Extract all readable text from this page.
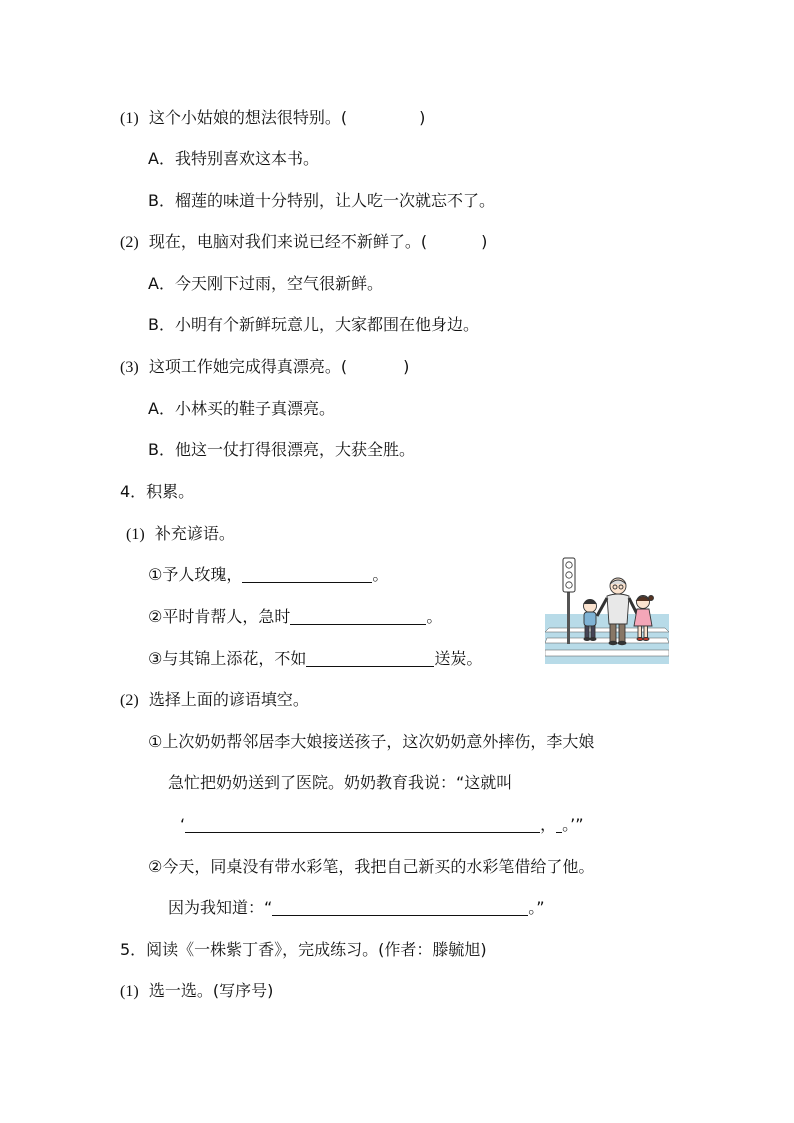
(1) 这个小姑娘的想法很特别。(	)
A．我特别喜欢这本书。
B．榴莲的味道十分特别，让人吃一次就忘不了。
(2) 现在，电脑对我们来说已经不新鲜了。(	)
A．今天刚下过雨，空气很新鲜。
B．小明有个新鲜玩意儿，大家都围在他身边。
(3) 这项工作她完成得真漂亮。(	)
A．小林买的鞋子真漂亮。
B．他这一仗打得很漂亮，大获全胜。
4．积累。
(1) 补充谚语。
①予人玫瑰，	。
②平时肯帮人，急时	。
③与其锦上添花，不如	送炭。
(2) 选择上面的谚语填空。
①上次奶奶帮邻居李大娘接送孩子，这次奶奶意外摔伤，李大娘
急忙把奶奶送到了医院。奶奶教育我说：“这就叫
‘	， 。’”
②今天，同桌没有带水彩笔，我把自己新买的水彩笔借给了他。
因为我知道：“	。”
5．阅读《一株紫丁香》，完成练习。(作者：滕毓旭)
(1) 选一选。(写序号)
